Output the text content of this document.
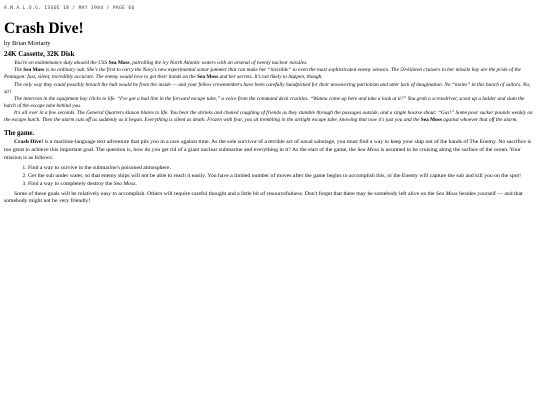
A.N.A.L.O.G. ISSUE 18 / MAY 1984 / PAGE 66
Crash Dive!
by Brian Moriarty
24K Cassette, 32K Disk

You're on maintenance duty aboard the USS Sea Moss, patrolling the icy North Atlantic waters with an arsenal of twenty nuclear missiles.

The Sea Moss is no ordinary sub. She's the first to carry the Navy's new experimental sonar-jammer that can make her “invisible” to even the most sophisticated enemy sensors. The 50-kiloton cruisers in her missile bay are the pride of the Pentagon: fast, silent, incredibly accurate. The enemy would love to get their hands on the Sea Moss and her secrets. It's not likely to happen, though.

The only way they could possibly breach the hull would be from the inside — and your fellow crewmembers have been carefully handpicked for their unwavering patriotism and utter lack of imagination. No “moles” in this bunch of sailors. No, sir!

The intercom in the equipment bay clicks to life. “I've got a bad line in the forward escape tube,” a voice from the command deck crackles. “Wanna come up here and take a look at it?” You grab a screwdriver, scoot up a ladder and slam the hatch of the escape tube behind you.

It's all over in a few seconds. The General Quarters klaxon blares to life. You hear the shrieks and choked coughing of friends as they stumble through the passages outside, and a single hoarse shout: “Gas!” Some poor sucker pounds weakly on the escape hatch. Then the alarm cuts off as suddenly as it began. Everything is silent as death. Frozen with fear, you sit trembling in the airtight escape tube, knowing that now it's just you and the Sea Moss against whoever that off the alarm.

The game.

Crash Dive! is a machine-language text adventure that pits you in a race against time. As the sole survivor of a terrible act of naval sabotage, you must find a way to keep your ship out of the hands of The Enemy. No sacrifice is too great to achieve this important goal. The question is, how do you get rid of a giant nuclear submarine and everything in it? As the start of the game, the Sea Moss is assumed to be cruising along the surface of the ocean. Your mission is as follows:

1. Find a way to survive in the submarine's poisoned atmosphere.
2. Get the sub under water, so that enemy ships will not be able to reach it easily. You have a limited number of moves after the game begins to accomplish this, or the Enemy will capture the sub and kill you on the spot!
3. Find a way to completely destroy the Sea Moss.

Some of these goals will be relatively easy to accomplish. Others will require careful thought and a little bit of resourcefulness. Don't forget that there may be somebody left alive on the Sea Moss besides yourself — and that somebody might not be very friendly!
